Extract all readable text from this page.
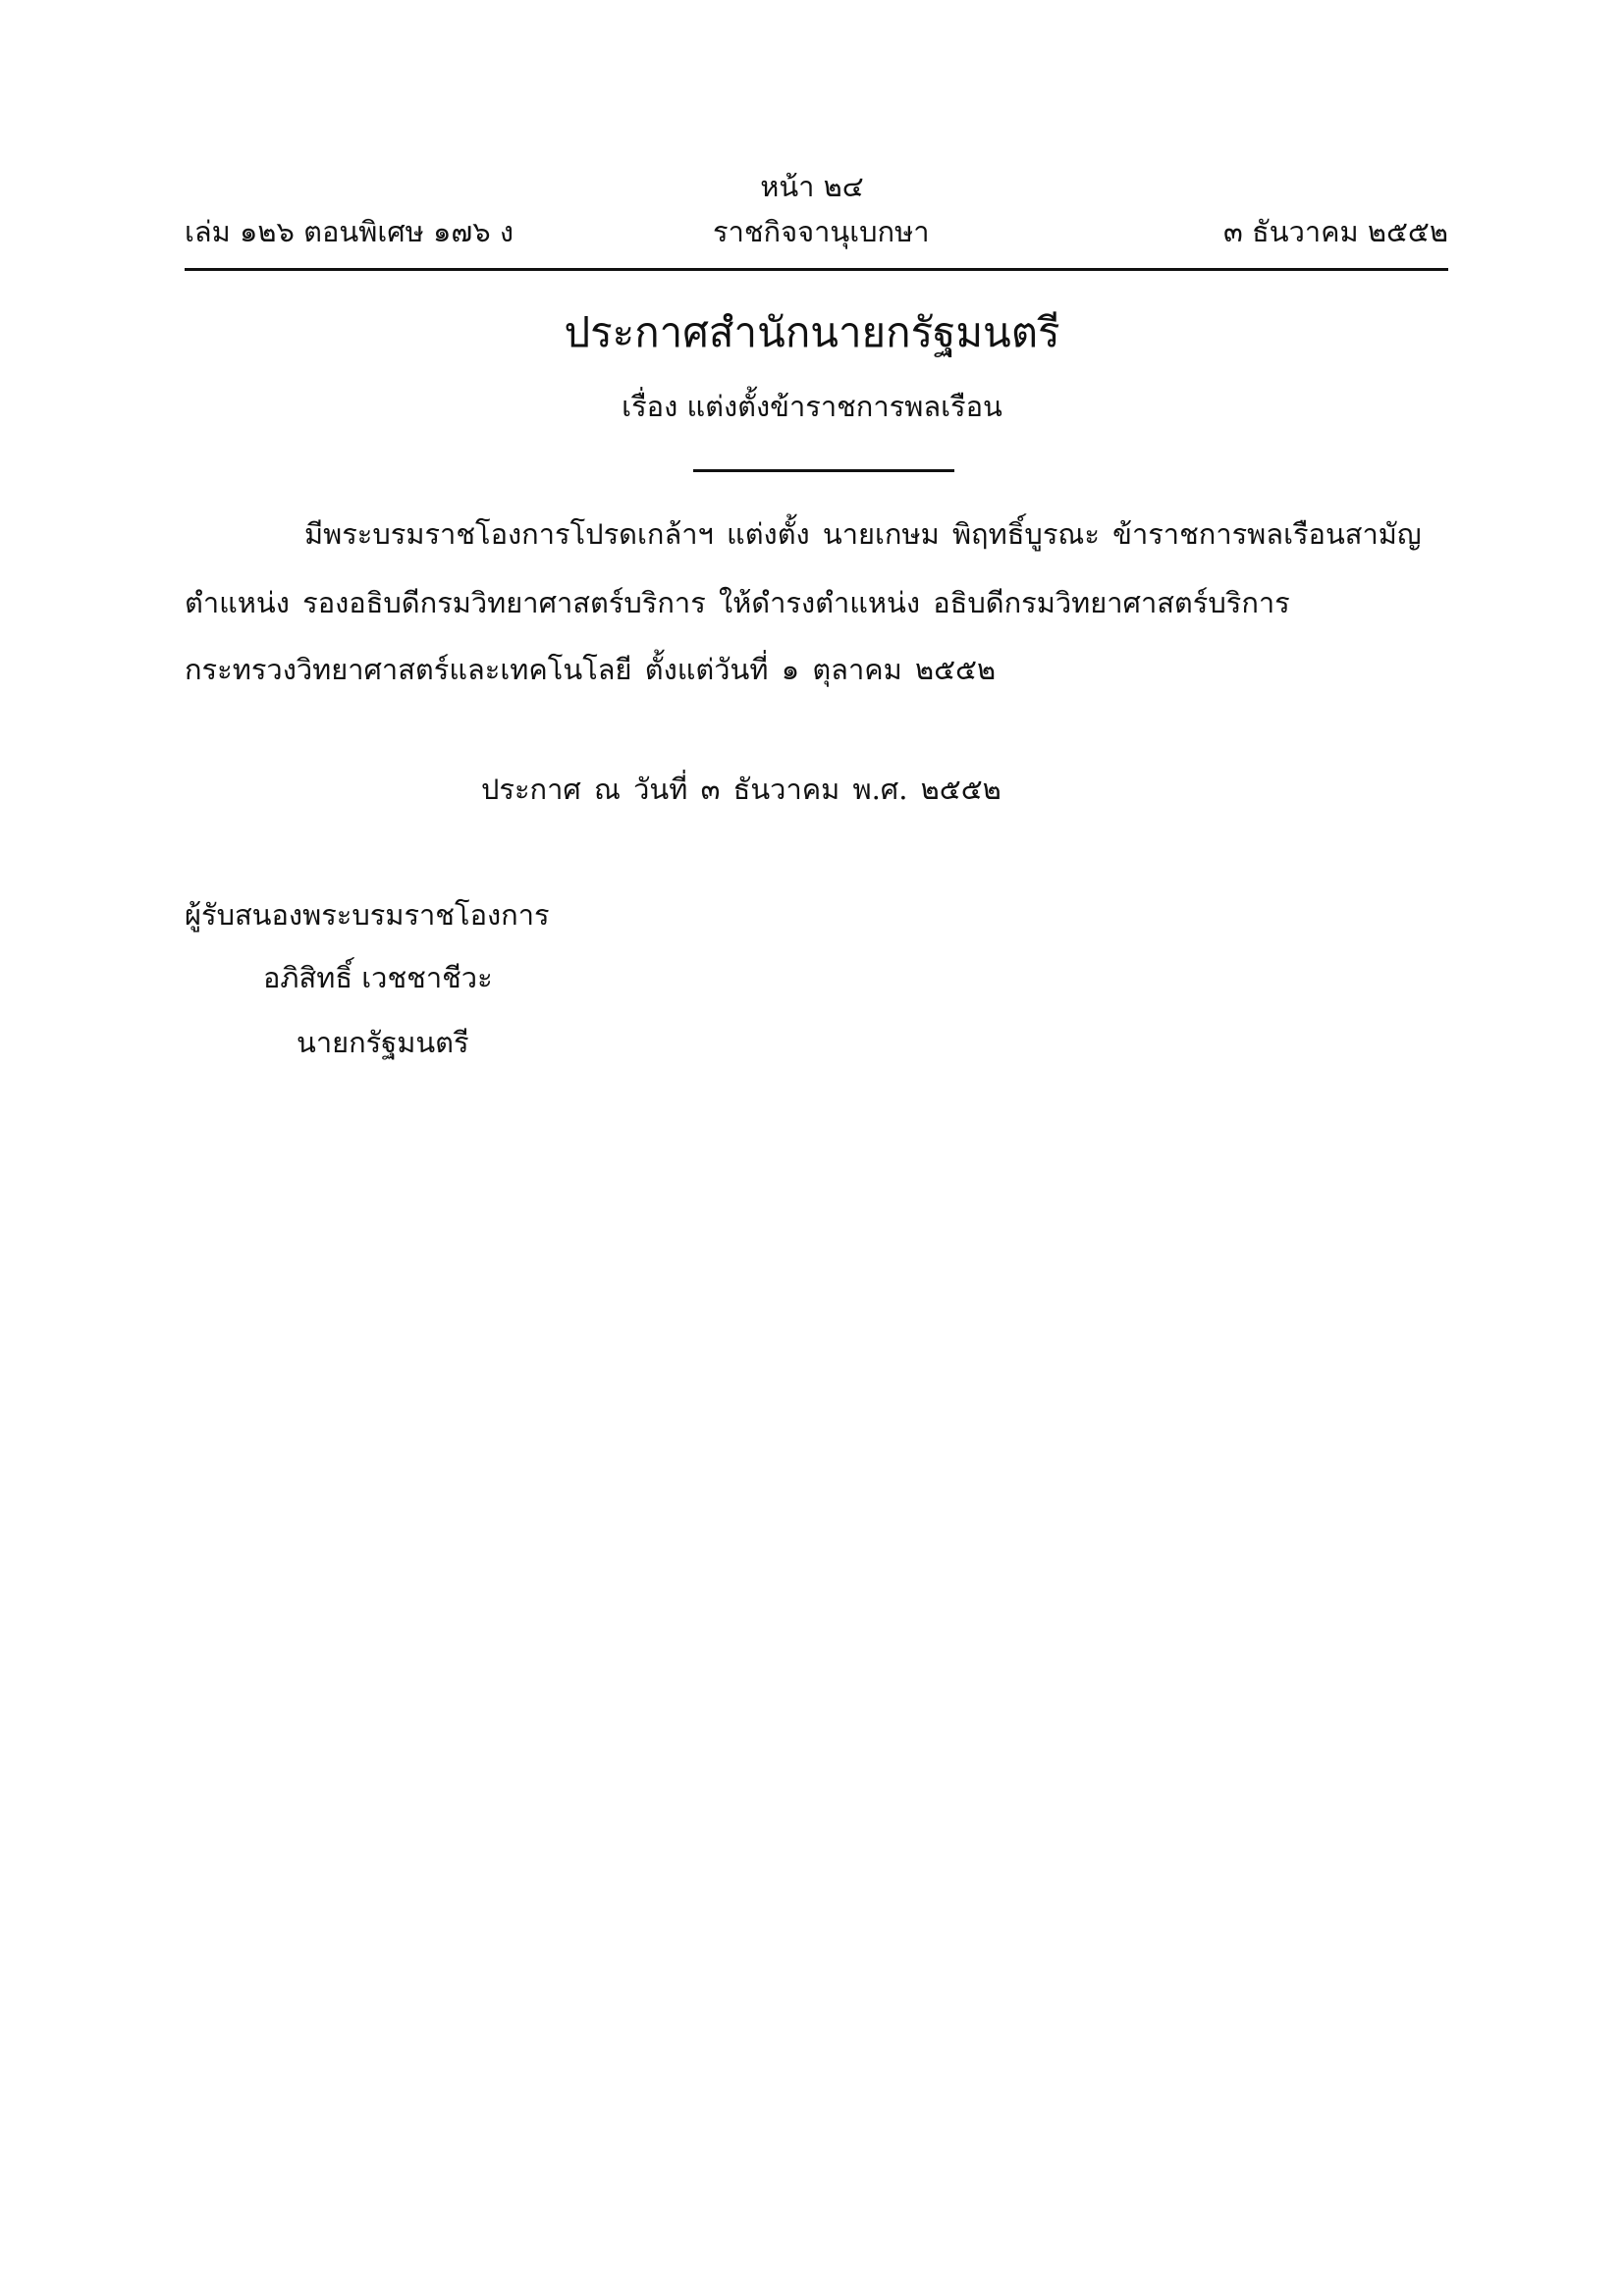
หน้า ๒๔
เล่ม ๑๒๖ ตอนพิเศษ ๑๗๖ ง	ราชกิจจานุเบกษา	๓ ธันวาคม ๒๕๕๒
ประกาศสำนักนายกรัฐมนตรี
เรื่อง แต่งตั้งข้าราชการพลเรือน
มีพระบรมราชโองการโปรดเกล้าฯ แต่งตั้ง นายเกษม พิฤทธิ์บูรณะ ข้าราชการพลเรือนสามัญ
ตำแหน่ง รองอธิบดีกรมวิทยาศาสตร์บริการ ให้ดำรงตำแหน่ง อธิบดีกรมวิทยาศาสตร์บริการ
กระทรวงวิทยาศาสตร์และเทคโนโลยี ตั้งแต่วันที่ ๑ ตุลาคม ๒๕๕๒
ประกาศ ณ วันที่ ๓ ธันวาคม พ.ศ. ๒๕๕๒
ผู้รับสนองพระบรมราชโองการ
อภิสิทธิ์ เวชชาชีวะ
นายกรัฐมนตรี
